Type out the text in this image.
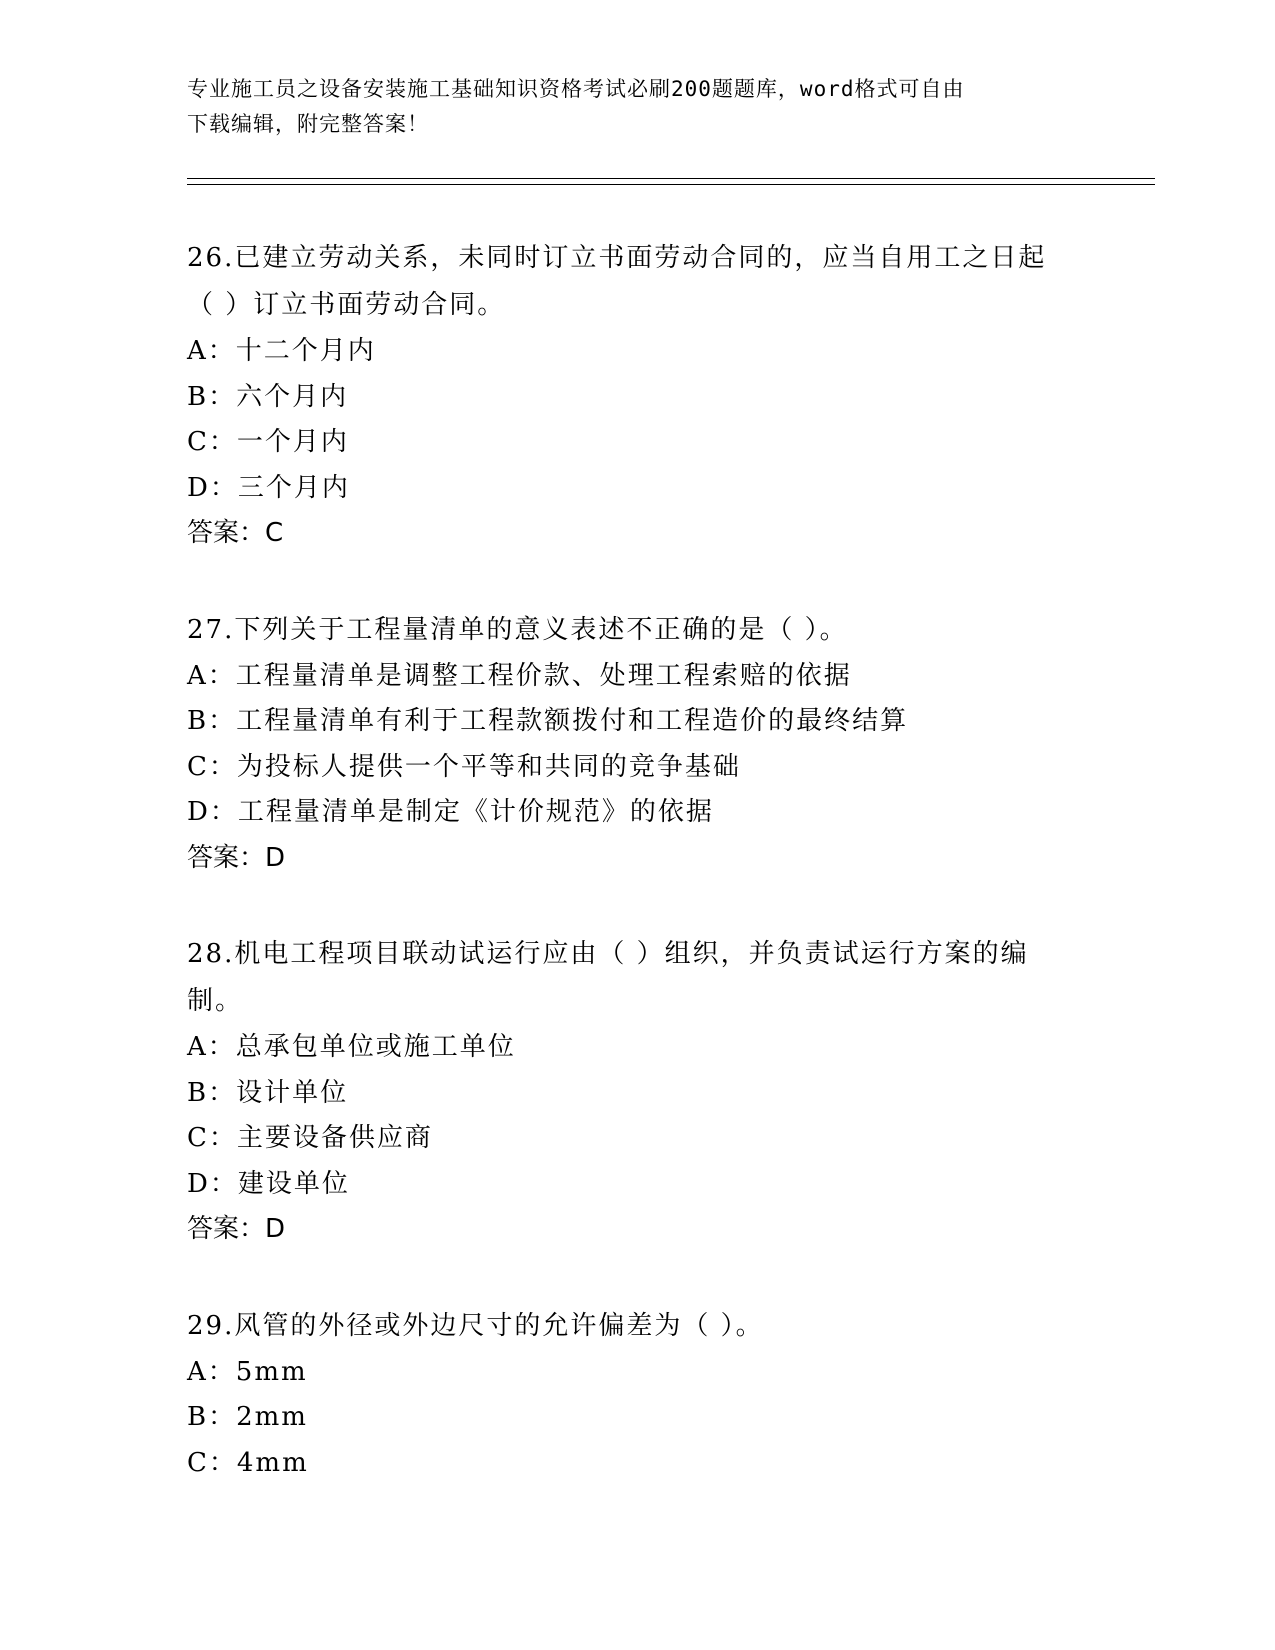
专业施工员之设备安装施工基础知识资格考试必刷200题题库，word格式可自由
下载编辑，附完整答案！
26.已建立劳动关系，未同时订立书面劳动合同的，应当自用工之日起（ ）订立书面劳动合同。
A：十二个月内
B：六个月内
C：一个月内
D：三个月内
答案：C
27.下列关于工程量清单的意义表述不正确的是（ ）。
A：工程量清单是调整工程价款、处理工程索赔的依据
B：工程量清单有利于工程款额拨付和工程造价的最终结算
C：为投标人提供一个平等和共同的竞争基础
D：工程量清单是制定《计价规范》的依据
答案：D
28.机电工程项目联动试运行应由（ ）组织，并负责试运行方案的编制。
A：总承包单位或施工单位
B：设计单位
C：主要设备供应商
D：建设单位
答案：D
29.风管的外径或外边尺寸的允许偏差为（ ）。
A：5mm
B：2mm
C：4mm
